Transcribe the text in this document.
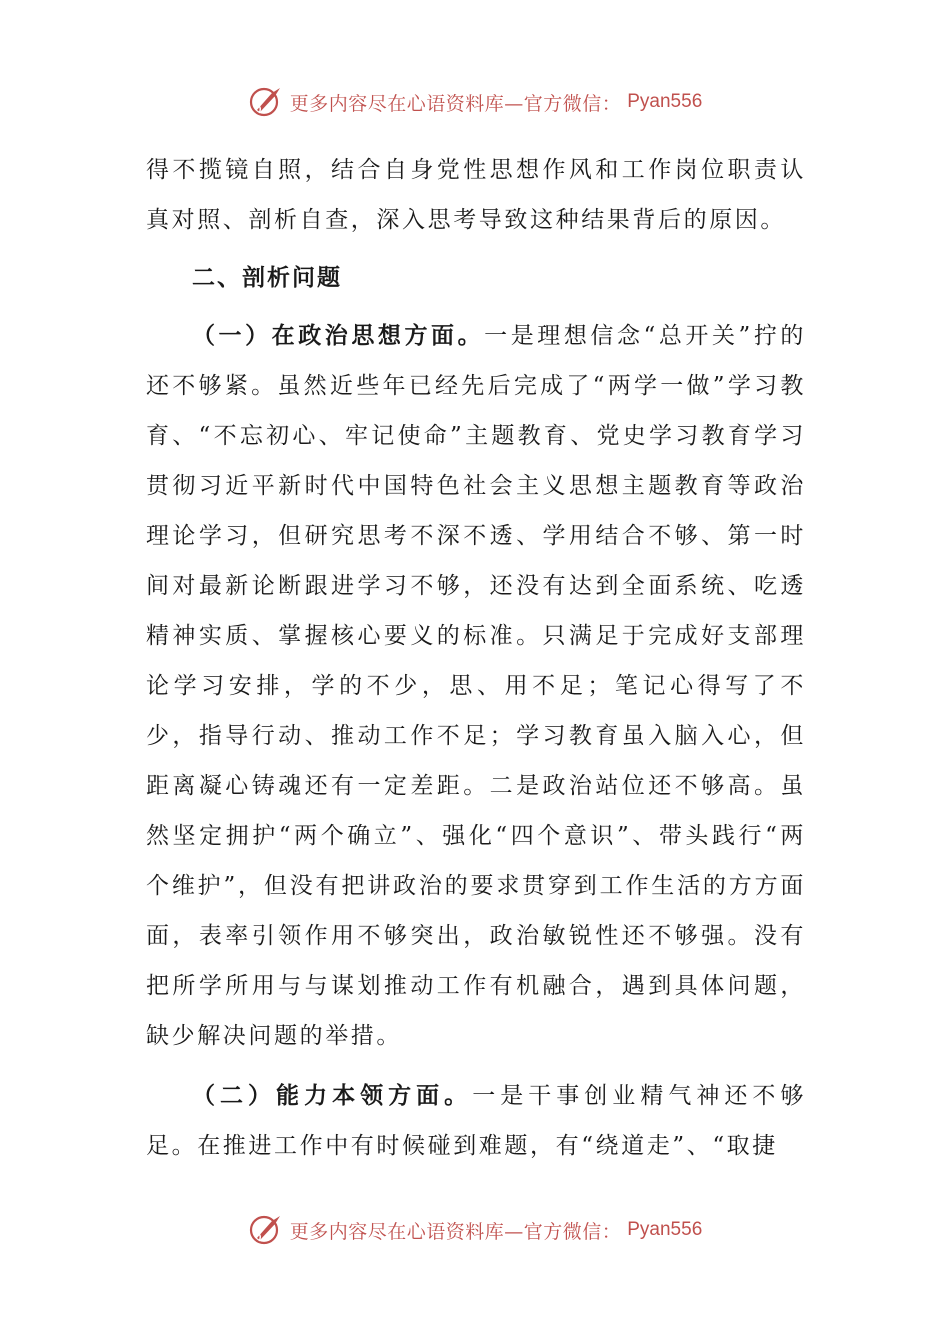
更多内容尽在心语资料库—官方微信： Pyan556

得不揽镜自照，结合自身党性思想作风和工作岗位职责认真对照、剖析自查，深入思考导致这种结果背后的原因。

二、剖析问题

（一）在政治思想方面。一是理想信念“总开关”拧的还不够紧。虽然近些年已经先后完成了“两学一做”学习教育、“不忘初心、牢记使命”主题教育、党史学习教育学习贯彻习近平新时代中国特色社会主义思想主题教育等政治理论学习，但研究思考不深不透、学用结合不够、第一时间对最新论断跟进学习不够，还没有达到全面系统、吃透精神实质、掌握核心要义的标准。只满足于完成好支部理论学习安排，学的不少，思、用不足；笔记心得写了不少，指导行动、推动工作不足；学习教育虽入脑入心，但距离凝心铸魂还有一定差距。二是政治站位还不够高。虽然坚定拥护“两个确立”、强化“四个意识”、带头践行“两个维护”，但没有把讲政治的要求贯穿到工作生活的方方面面，表率引领作用不够突出，政治敏锐性还不够强。没有把所学所用与与谋划推动工作有机融合，遇到具体问题，缺少解决问题的举措。

（二）能力本领方面。一是干事创业精气神还不够足。在推进工作中有时候碰到难题，有“绕道走”、“取捷

更多内容尽在心语资料库—官方微信： Pyan556
